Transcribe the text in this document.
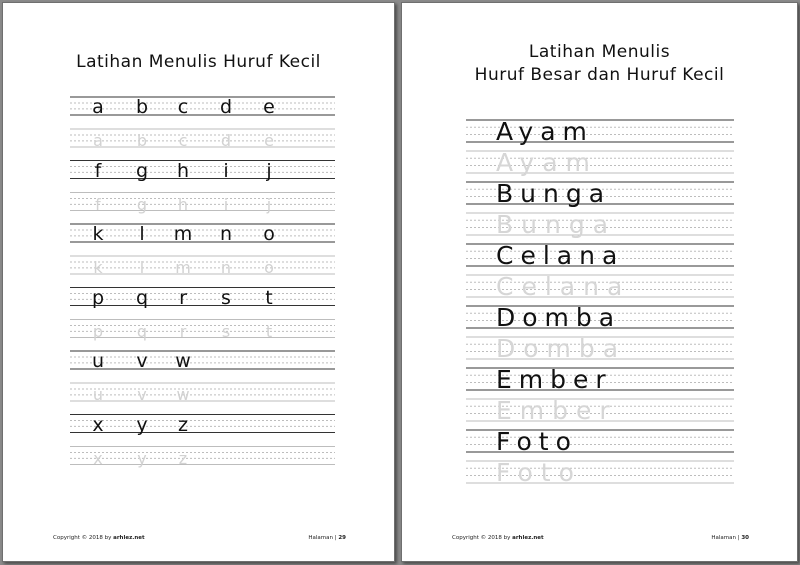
Latihan Menulis Huruf Kecil
a
a
b
b
c
c
d
d
e
e
f
f
g
g
h
h
i
i
j
j
k
k
l
l
m
m
n
n
o
o
p
p
q
q
r
r
s
s
t
t
u
u
v
v
w
w
x
x
y
y
z
z
Copyright © 2018 by arhlez.net	Halaman | 29
Latihan Menulis
Huruf Besar dan Huruf Kecil
Ayam
Ayam
Bunga
Bunga
Celana
Celana
Domba
Domba
Ember
Ember
Foto
Foto
Copyright © 2018 by arhlez.net	Halaman | 30
